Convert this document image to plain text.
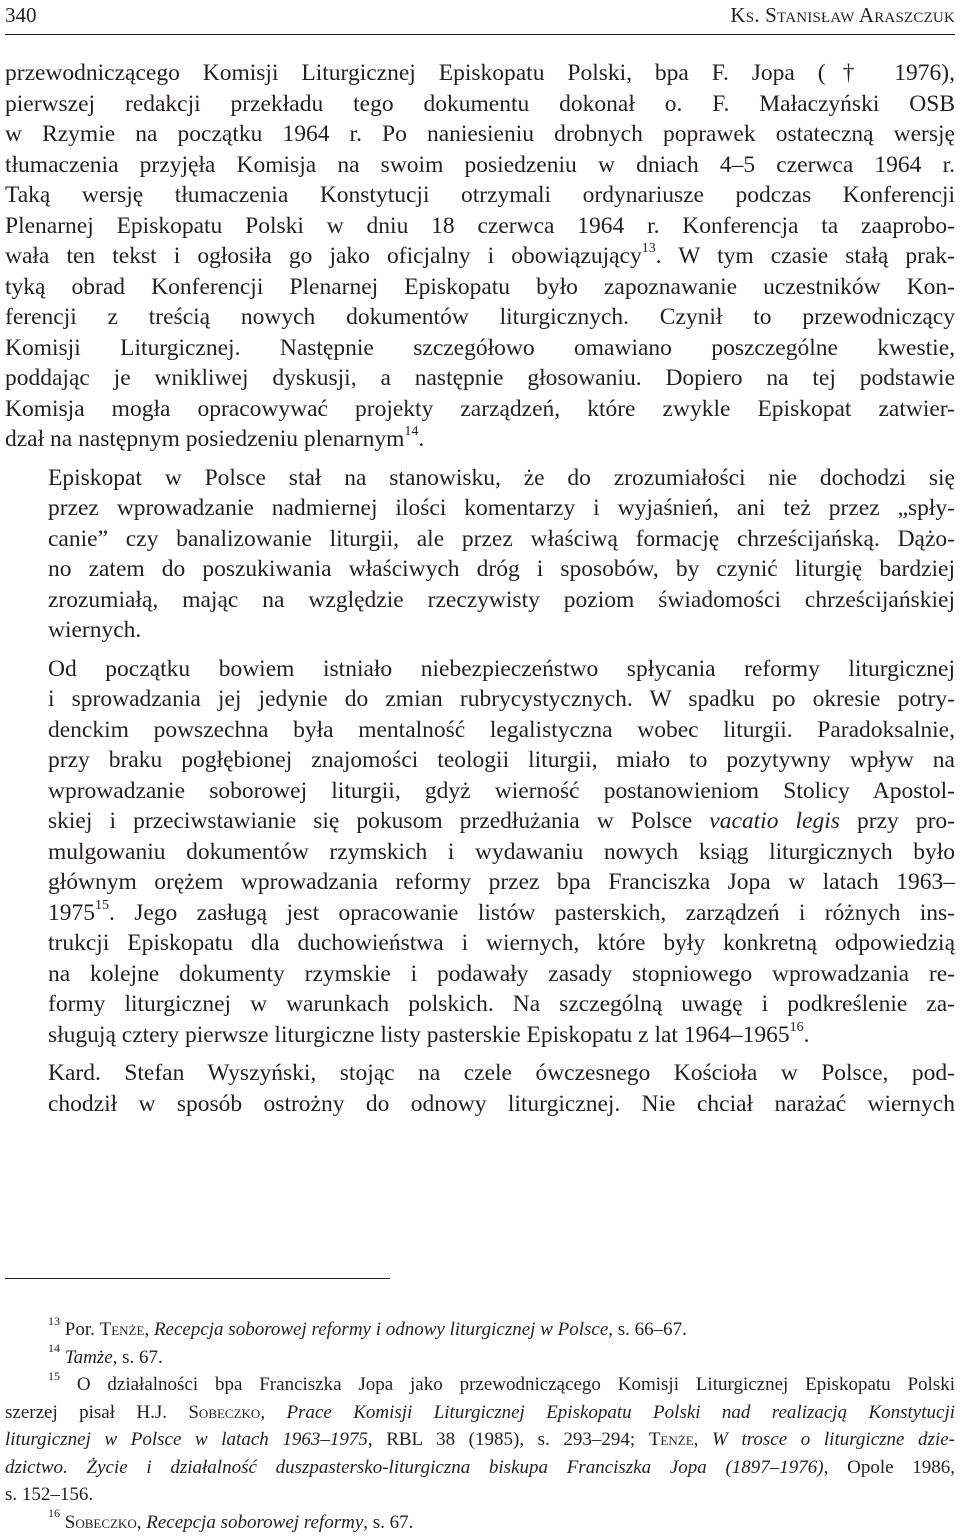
340	Ks. Stanisław Araszczuk

przewodniczącego Komisji Liturgicznej Episkopatu Polski, bpa F. Jopa († 1976),
pierwszej redakcji przekładu tego dokumentu dokonał o. F. Małaczyński OSB
w Rzymie na początku 1964 r. Po naniesieniu drobnych poprawek ostateczną wersję
tłumaczenia przyjęła Komisja na swoim posiedzeniu w dniach 4–5 czerwca 1964 r.
Taką wersję tłumaczenia Konstytucji otrzymali ordynariusze podczas Konferencji
Plenarnej Episkopatu Polski w dniu 18 czerwca 1964 r. Konferencja ta zaaprobo-
wała ten tekst i ogłosiła go jako oficjalny i obowiązujący$^{13}$. W tym czasie stałą prak-
tyką obrad Konferencji Plenarnej Episkopatu było zapoznawanie uczestników Kon-
ferencji z treścią nowych dokumentów liturgicznych. Czynił to przewodniczący
Komisji Liturgicznej. Następnie szczegółowo omawiano poszczególne kwestie,
poddając je wnikliwej dyskusji, a następnie głosowaniu. Dopiero na tej podstawie
Komisja mogła opracowywać projekty zarządzeń, które zwykle Episkopat zatwier-
dzał na następnym posiedzeniu plenarnym$^{14}$.

Episkopat w Polsce stał na stanowisku, że do zrozumiałości nie dochodzi się
przez wprowadzanie nadmiernej ilości komentarzy i wyjaśnień, ani też przez „spły-
canie” czy banalizowanie liturgii, ale przez właściwą formację chrześcijańską. Dążo-
no zatem do poszukiwania właściwych dróg i sposobów, by czynić liturgię bardziej
zrozumiałą, mając na względzie rzeczywisty poziom świadomości chrześcijańskiej
wiernych.

Od początku bowiem istniało niebezpieczeństwo spłycania reformy liturgicznej
i sprowadzania jej jedynie do zmian rubrycystycznych. W spadku po okresie potry-
denckim powszechna była mentalność legalistyczna wobec liturgii. Paradoksalnie,
przy braku pogłębionej znajomości teologii liturgii, miało to pozytywny wpływ na
wprowadzanie soborowej liturgii, gdyż wierność postanowieniom Stolicy Apostol-
skiej i przeciwstawianie się pokusom przedłużania w Polsce vacatio legis przy pro-
mulgowaniu dokumentów rzymskich i wydawaniu nowych ksiąg liturgicznych było
głównym orężem wprowadzania reformy przez bpa Franciszka Jopa w latach 1963–
1975$^{15}$. Jego zasługą jest opracowanie listów pasterskich, zarządzeń i różnych ins-
trukcji Episkopatu dla duchowieństwa i wiernych, które były konkretną odpowiedzią
na kolejne dokumenty rzymskie i podawały zasady stopniowego wprowadzania re-
formy liturgicznej w warunkach polskich. Na szczególną uwagę i podkreślenie za-
sługują cztery pierwsze liturgiczne listy pasterskie Episkopatu z lat 1964–1965$^{16}$.

Kard. Stefan Wyszyński, stojąc na czele ówczesnego Kościoła w Polsce, pod-
chodził w sposób ostrożny do odnowy liturgicznej. Nie chciał narażać wiernych

$^{13}$ Por. Tenże, Recepcja soborowej reformy i odnowy liturgicznej w Polsce, s. 66–67.
$^{14}$ Tamże, s. 67.
$^{15}$ O działalności bpa Franciszka Jopa jako przewodniczącego Komisji Liturgicznej Episkopatu Polski
szerzej pisał H.J. Sobeczko, Prace Komisji Liturgicznej Episkopatu Polski nad realizacją Konstytucji
liturgicznej w Polsce w latach 1963–1975, RBL 38 (1985), s. 293–294; Tenże, W trosce o liturgiczne dzie-
dzictwo. Życie i działalność duszpastersko-liturgiczna biskupa Franciszka Jopa (1897–1976), Opole 1986,
s. 152–156.
$^{16}$ Sobeczko, Recepcja soborowej reformy, s. 67.
